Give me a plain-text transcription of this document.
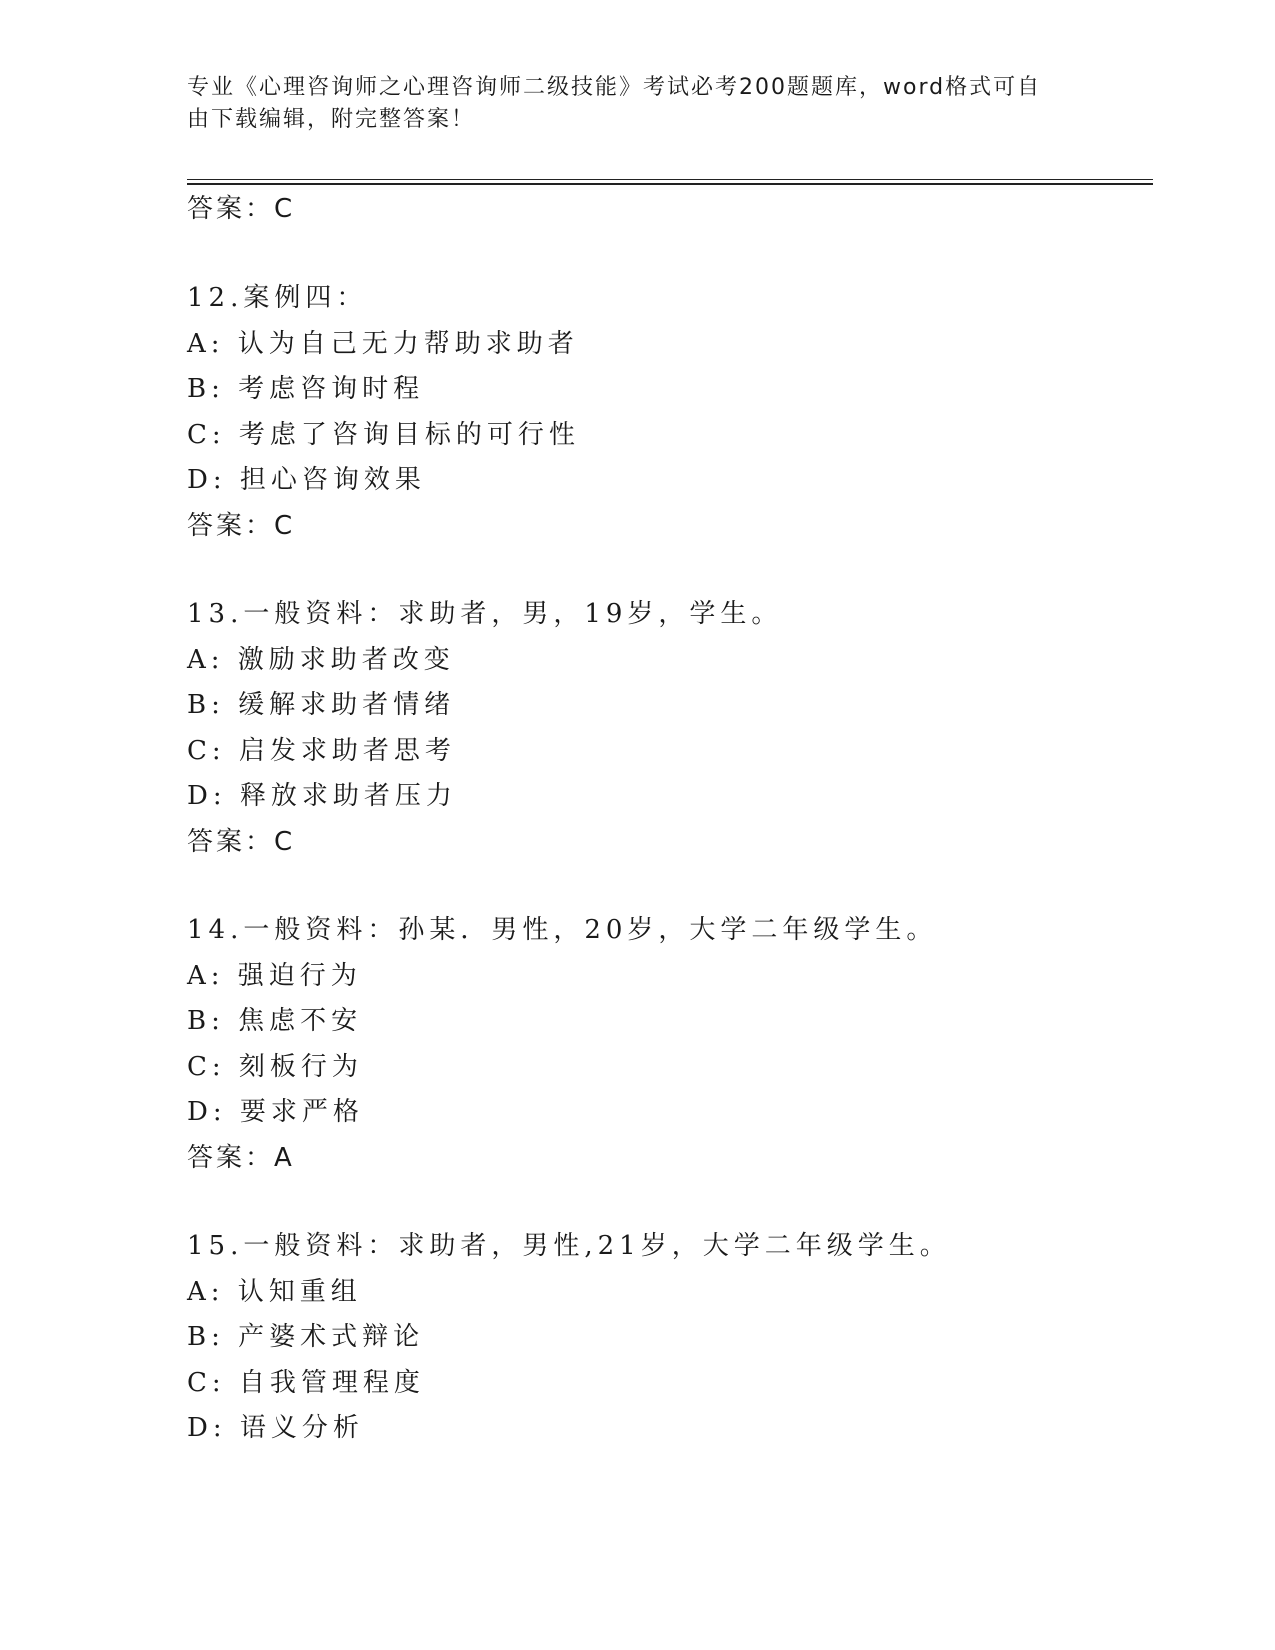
专业《心理咨询师之心理咨询师二级技能》考试必考200题题库，word格式可自
由下载编辑，附完整答案！
答案：C
12.案例四：
A: 认为自己无力帮助求助者
B: 考虑咨询时程
C: 考虑了咨询目标的可行性
D: 担心咨询效果
答案：C
13.一般资料：求助者，男，19岁，学生。
A: 激励求助者改变
B: 缓解求助者情绪
C: 启发求助者思考
D: 释放求助者压力
答案：C
14.一般资料：孙某．男性，20岁，大学二年级学生。
A: 强迫行为
B: 焦虑不安
C: 刻板行为
D: 要求严格
答案：A
15.一般资料：求助者，男性,21岁，大学二年级学生。
A: 认知重组
B: 产婆术式辩论
C: 自我管理程度
D: 语义分析
